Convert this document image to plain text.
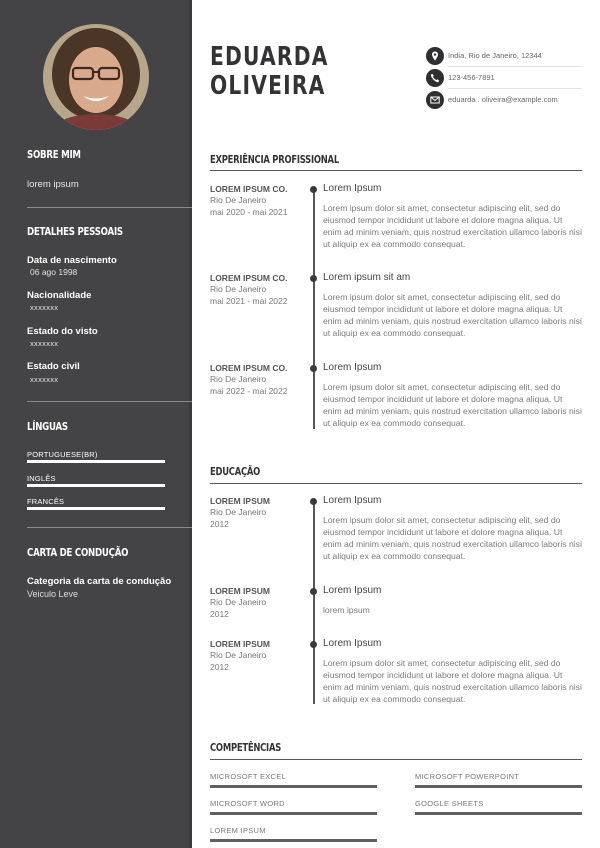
SOBRE MIM
lorem ipsum
DETALHES PESSOAIS
Data de nascimento
06 ago 1998
Nacionalidade
xxxxxxx
Estado do visto
xxxxxxx
Estado civil
xxxxxxx
LÍNGUAS
PORTUGUESE(BR)
INGLÊS
FRANCÊS
CARTA DE CONDUÇÃO
Categoria da carta de condução
Veiculo Leve
EDUARDA
OLIVEIRA
India, Rio de Janeiro, 12344
123-456-7891
eduarda . oliveira@example.com
EXPERIÊNCIA PROFISSIONAL
LOREM IPSUM CO.
Rio De Janeiro
mai 2020 - mai 2021
Lorem Ipsum
Lorem ipsum dolor sit amet, consectetur adipiscing elit, sed do eiusmod tempor incididunt ut labore et dolore magna aliqua. Ut enim ad minim veniam, quis nostrud exercitation ullamco laboris nisi ut aliquip ex ea commodo consequat.
LOREM IPSUM CO.
Rio De Janeiro
mai 2021 - mai 2022
Lorem ipsum sit am
Lorem ipsum dolor sit amet, consectetur adipiscing elit, sed do eiusmod tempor incididunt ut labore et dolore magna aliqua. Ut enim ad minim veniam, quis nostrud exercitation ullamco laboris nisi ut aliquip ex ea commodo consequat.
LOREM IPSUM CO.
Rio De Janeiro
mai 2022 - mai 2022
Lorem Ipsum
Lorem ipsum dolor sit amet, consectetur adipiscing elit, sed do eiusmod tempor incididunt ut labore et dolore magna aliqua. Ut enim ad minim veniam, quis nostrud exercitation ullamco laboris nisi ut aliquip ex ea commodo consequat.
EDUCAÇÃO
LOREM IPSUM
Rio De Janeiro
2012
Lorem Ipsum
Lorem ipsum dolor sit amet, consectetur adipiscing elit, sed do eiusmod tempor incididunt ut labore et dolore magna aliqua. Ut enim ad minim veniam, quis nostrud exercitation ullamco laboris nisi ut aliquip ex ea commodo consequat.
LOREM IPSUM
Rio De Janeiro
2012
Lorem Ipsum
lorem ipsum
LOREM IPSUM
Rio De Janeiro
2012
Lorem Ipsum
Lorem ipsum dolor sit amet, consectetur adipiscing elit, sed do eiusmod tempor incididunt ut labore et dolore magna aliqua. Ut enim ad minim veniam, quis nostrud exercitation ullamco laboris nisi ut aliquip ex ea commodo consequat.
COMPETÊNCIAS
MICROSOFT EXCEL	MICROSOFT POWERPOINT
MICROSOFT WORD	GOOGLE SHEETS
LOREM IPSUM
